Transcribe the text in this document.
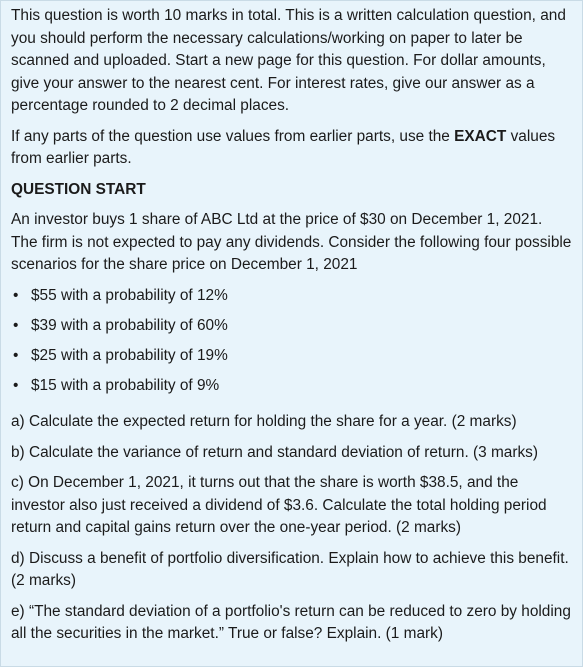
This question is worth 10 marks in total. This is a written calculation question, and you should perform the necessary calculations/working on paper to later be scanned and uploaded. Start a new page for this question. For dollar amounts, give your answer to the nearest cent. For interest rates, give our answer as a percentage rounded to 2 decimal places.

If any parts of the question use values from earlier parts, use the EXACT values from earlier parts.

QUESTION START

An investor buys 1 share of ABC Ltd at the price of $30 on December 1, 2021. The firm is not expected to pay any dividends. Consider the following four possible scenarios for the share price on December 1, 2021

• $55 with a probability of 12%
• $39 with a probability of 60%
• $25 with a probability of 19%
• $15 with a probability of 9%

a) Calculate the expected return for holding the share for a year. (2 marks)

b) Calculate the variance of return and standard deviation of return. (3 marks)

c) On December 1, 2021, it turns out that the share is worth $38.5, and the investor also just received a dividend of $3.6. Calculate the total holding period return and capital gains return over the one-year period. (2 marks)

d) Discuss a benefit of portfolio diversification. Explain how to achieve this benefit. (2 marks)

e) “The standard deviation of a portfolio's return can be reduced to zero by holding all the securities in the market.” True or false? Explain. (1 mark)
